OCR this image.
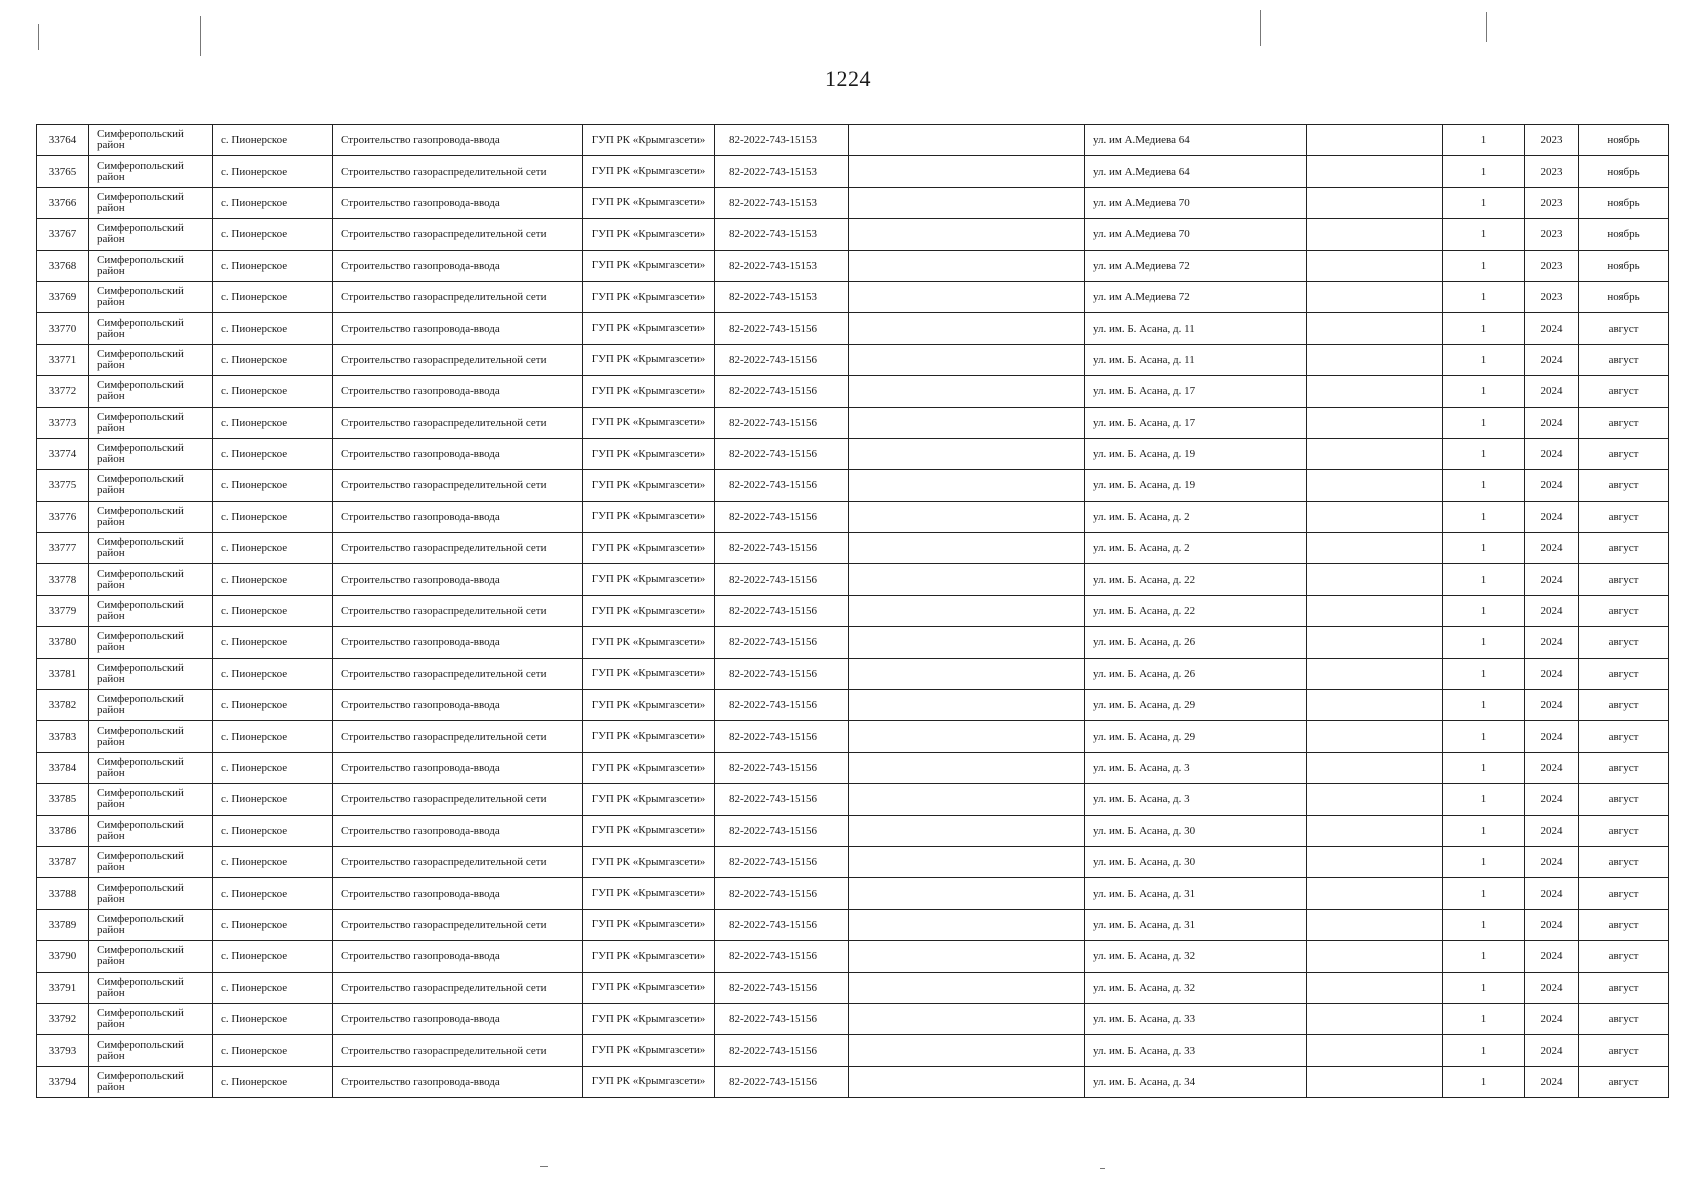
1224
33764	Симферопольский район	с. Пионерское	Строительство газопровода-ввода	ГУП РК «Крымгазсети»	82-2022-743-15153		ул. им А.Медиева 64		1	2023	ноябрь
33765	Симферопольский район	с. Пионерское	Строительство газораспределительной сети	ГУП РК «Крымгазсети»	82-2022-743-15153		ул. им А.Медиева 64		1	2023	ноябрь
33766	Симферопольский район	с. Пионерское	Строительство газопровода-ввода	ГУП РК «Крымгазсети»	82-2022-743-15153		ул. им А.Медиева 70		1	2023	ноябрь
33767	Симферопольский район	с. Пионерское	Строительство газораспределительной сети	ГУП РК «Крымгазсети»	82-2022-743-15153		ул. им А.Медиева 70		1	2023	ноябрь
33768	Симферопольский район	с. Пионерское	Строительство газопровода-ввода	ГУП РК «Крымгазсети»	82-2022-743-15153		ул. им А.Медиева 72		1	2023	ноябрь
33769	Симферопольский район	с. Пионерское	Строительство газораспределительной сети	ГУП РК «Крымгазсети»	82-2022-743-15153		ул. им А.Медиева 72		1	2023	ноябрь
33770	Симферопольский район	с. Пионерское	Строительство газопровода-ввода	ГУП РК «Крымгазсети»	82-2022-743-15156		ул. им. Б. Асана, д. 11		1	2024	август
33771	Симферопольский район	с. Пионерское	Строительство газораспределительной сети	ГУП РК «Крымгазсети»	82-2022-743-15156		ул. им. Б. Асана, д. 11		1	2024	август
33772	Симферопольский район	с. Пионерское	Строительство газопровода-ввода	ГУП РК «Крымгазсети»	82-2022-743-15156		ул. им. Б. Асана, д. 17		1	2024	август
33773	Симферопольский район	с. Пионерское	Строительство газораспределительной сети	ГУП РК «Крымгазсети»	82-2022-743-15156		ул. им. Б. Асана, д. 17		1	2024	август
33774	Симферопольский район	с. Пионерское	Строительство газопровода-ввода	ГУП РК «Крымгазсети»	82-2022-743-15156		ул. им. Б. Асана, д. 19		1	2024	август
33775	Симферопольский район	с. Пионерское	Строительство газораспределительной сети	ГУП РК «Крымгазсети»	82-2022-743-15156		ул. им. Б. Асана, д. 19		1	2024	август
33776	Симферопольский район	с. Пионерское	Строительство газопровода-ввода	ГУП РК «Крымгазсети»	82-2022-743-15156		ул. им. Б. Асана, д. 2		1	2024	август
33777	Симферопольский район	с. Пионерское	Строительство газораспределительной сети	ГУП РК «Крымгазсети»	82-2022-743-15156		ул. им. Б. Асана, д. 2		1	2024	август
33778	Симферопольский район	с. Пионерское	Строительство газопровода-ввода	ГУП РК «Крымгазсети»	82-2022-743-15156		ул. им. Б. Асана, д. 22		1	2024	август
33779	Симферопольский район	с. Пионерское	Строительство газораспределительной сети	ГУП РК «Крымгазсети»	82-2022-743-15156		ул. им. Б. Асана, д. 22		1	2024	август
33780	Симферопольский район	с. Пионерское	Строительство газопровода-ввода	ГУП РК «Крымгазсети»	82-2022-743-15156		ул. им. Б. Асана, д. 26		1	2024	август
33781	Симферопольский район	с. Пионерское	Строительство газораспределительной сети	ГУП РК «Крымгазсети»	82-2022-743-15156		ул. им. Б. Асана, д. 26		1	2024	август
33782	Симферопольский район	с. Пионерское	Строительство газопровода-ввода	ГУП РК «Крымгазсети»	82-2022-743-15156		ул. им. Б. Асана, д. 29		1	2024	август
33783	Симферопольский район	с. Пионерское	Строительство газораспределительной сети	ГУП РК «Крымгазсети»	82-2022-743-15156		ул. им. Б. Асана, д. 29		1	2024	август
33784	Симферопольский район	с. Пионерское	Строительство газопровода-ввода	ГУП РК «Крымгазсети»	82-2022-743-15156		ул. им. Б. Асана, д. 3		1	2024	август
33785	Симферопольский район	с. Пионерское	Строительство газораспределительной сети	ГУП РК «Крымгазсети»	82-2022-743-15156		ул. им. Б. Асана, д. 3		1	2024	август
33786	Симферопольский район	с. Пионерское	Строительство газопровода-ввода	ГУП РК «Крымгазсети»	82-2022-743-15156		ул. им. Б. Асана, д. 30		1	2024	август
33787	Симферопольский район	с. Пионерское	Строительство газораспределительной сети	ГУП РК «Крымгазсети»	82-2022-743-15156		ул. им. Б. Асана, д. 30		1	2024	август
33788	Симферопольский район	с. Пионерское	Строительство газопровода-ввода	ГУП РК «Крымгазсети»	82-2022-743-15156		ул. им. Б. Асана, д. 31		1	2024	август
33789	Симферопольский район	с. Пионерское	Строительство газораспределительной сети	ГУП РК «Крымгазсети»	82-2022-743-15156		ул. им. Б. Асана, д. 31		1	2024	август
33790	Симферопольский район	с. Пионерское	Строительство газопровода-ввода	ГУП РК «Крымгазсети»	82-2022-743-15156		ул. им. Б. Асана, д. 32		1	2024	август
33791	Симферопольский район	с. Пионерское	Строительство газораспределительной сети	ГУП РК «Крымгазсети»	82-2022-743-15156		ул. им. Б. Асана, д. 32		1	2024	август
33792	Симферопольский район	с. Пионерское	Строительство газопровода-ввода	ГУП РК «Крымгазсети»	82-2022-743-15156		ул. им. Б. Асана, д. 33		1	2024	август
33793	Симферопольский район	с. Пионерское	Строительство газораспределительной сети	ГУП РК «Крымгазсети»	82-2022-743-15156		ул. им. Б. Асана, д. 33		1	2024	август
33794	Симферопольский район	с. Пионерское	Строительство газопровода-ввода	ГУП РК «Крымгазсети»	82-2022-743-15156		ул. им. Б. Асана, д. 34		1	2024	август
